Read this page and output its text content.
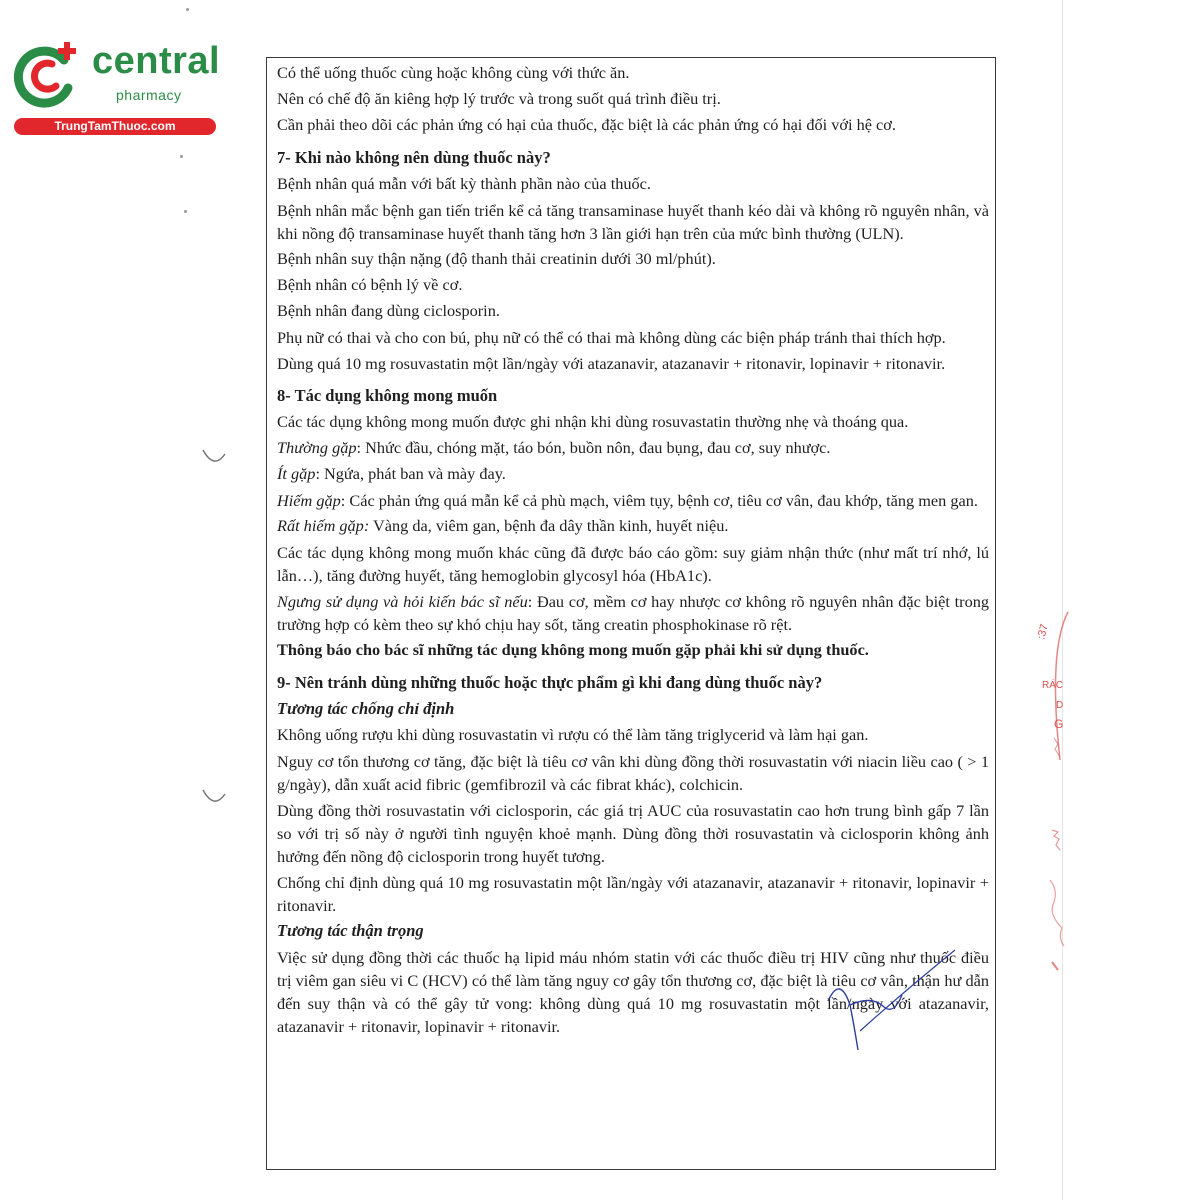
central
pharmacy
TrungTamThuoc.com

Có thể uống thuốc cùng hoặc không cùng với thức ăn.

Nên có chế độ ăn kiêng hợp lý trước và trong suốt quá trình điều trị.

Cần phải theo dõi các phản ứng có hại của thuốc, đặc biệt là các phản ứng có hại đối với hệ cơ.

7- Khi nào không nên dùng thuốc này?

Bệnh nhân quá mẫn với bất kỳ thành phần nào của thuốc.

Bệnh nhân mắc bệnh gan tiến triển kể cả tăng transaminase huyết thanh kéo dài và không rõ nguyên nhân, và khi nồng độ transaminase huyết thanh tăng hơn 3 lần giới hạn trên của mức bình thường (ULN).

Bệnh nhân suy thận nặng (độ thanh thải creatinin dưới 30 ml/phút).

Bệnh nhân có bệnh lý về cơ.

Bệnh nhân đang dùng ciclosporin.

Phụ nữ có thai và cho con bú, phụ nữ có thể có thai mà không dùng các biện pháp tránh thai thích hợp.

Dùng quá 10 mg rosuvastatin một lần/ngày với atazanavir, atazanavir + ritonavir, lopinavir + ritonavir.

8- Tác dụng không mong muốn

Các tác dụng không mong muốn được ghi nhận khi dùng rosuvastatin thường nhẹ và thoáng qua.

Thường gặp: Nhức đầu, chóng mặt, táo bón, buồn nôn, đau bụng, đau cơ, suy nhược.

Ít gặp: Ngứa, phát ban và mày đay.

Hiếm gặp: Các phản ứng quá mẫn kể cả phù mạch, viêm tụy, bệnh cơ, tiêu cơ vân, đau khớp, tăng men gan.

Rất hiếm gặp: Vàng da, viêm gan, bệnh đa dây thần kinh, huyết niệu.

Các tác dụng không mong muốn khác cũng đã được báo cáo gồm: suy giảm nhận thức (như mất trí nhớ, lú lẫn…), tăng đường huyết, tăng hemoglobin glycosyl hóa (HbA1c).

Ngưng sử dụng và hỏi kiến bác sĩ nếu: Đau cơ, mềm cơ hay nhược cơ không rõ nguyên nhân đặc biệt trong trường hợp có kèm theo sự khó chịu hay sốt, tăng creatin phosphokinase rõ rệt.

Thông báo cho bác sĩ những tác dụng không mong muốn gặp phải khi sử dụng thuốc.

9- Nên tránh dùng những thuốc hoặc thực phẩm gì khi đang dùng thuốc này?
Tương tác chống chỉ định

Không uống rượu khi dùng rosuvastatin vì rượu có thể làm tăng triglycerid và làm hại gan.

Nguy cơ tổn thương cơ tăng, đặc biệt là tiêu cơ vân khi dùng đồng thời rosuvastatin với niacin liều cao ( > 1 g/ngày), dẫn xuất acid fibric (gemfibrozil và các fibrat khác), colchicin.

Dùng đồng thời rosuvastatin với ciclosporin, các giá trị AUC của rosuvastatin cao hơn trung bình gấp 7 lần so với trị số này ở người tình nguyện khoẻ mạnh. Dùng đồng thời rosuvastatin và ciclosporin không ảnh hưởng đến nồng độ ciclosporin trong huyết tương.

Chống chỉ định dùng quá 10 mg rosuvastatin một lần/ngày với atazanavir, atazanavir + ritonavir, lopinavir + ritonavir.

Tương tác thận trọng

Việc sử dụng đồng thời các thuốc hạ lipid máu nhóm statin với các thuốc điều trị HIV cũng như thuốc điều trị viêm gan siêu vi C (HCV) có thể làm tăng nguy cơ gây tổn thương cơ, đặc biệt là tiêu cơ vân, thận hư dẫn đến suy thận và có thể gây tử vong: không dùng quá 10 mg rosuvastatin một lần/ngày với atazanavir, atazanavir + ritonavir, lopinavir + ritonavir.

:37
RÁC
D
G
